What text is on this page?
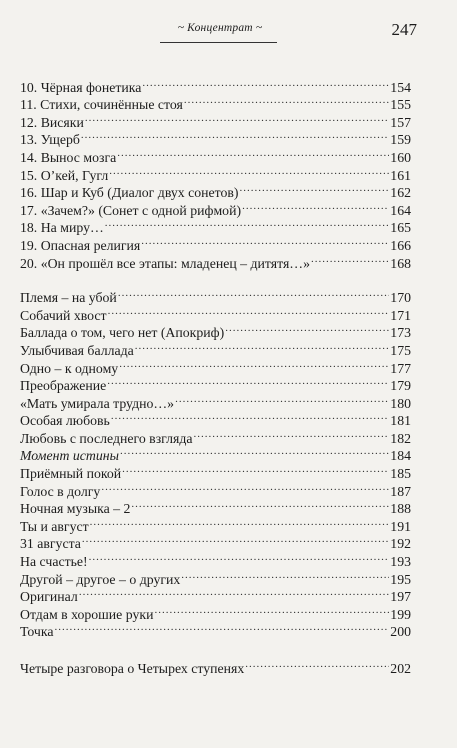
~ Концентрат ~	247
10. Чёрная фонетика .....	154
11. Стихи, сочинённые стоя .....	155
12. Висяки .....	157
13. Ущерб .....	159
14. Вынос мозга .....	160
15. О’кей, Гугл .....	161
16. Шар и Куб (Диалог двух сонетов) .....	162
17. «Зачем?» (Сонет с одной рифмой) .....	164
18. На миру… .....	165
19. Опасная религия .....	166
20. «Он прошёл все этапы: младенец – дитятя…» .....	168
Племя – на убой .....	170
Собачий хвост .....	171
Баллада о том, чего нет (Апокриф) .....	173
Улыбчивая баллада .....	175
Одно – к одному .....	177
Преображение .....	179
«Мать умирала трудно…» .....	180
Особая любовь .....	181
Любовь с последнего взгляда .....	182
Момент истины .....	184
Приёмный покой .....	185
Голос в долгу .....	187
Ночная музыка – 2 .....	188
Ты и август .....	191
31 августа .....	192
На счастье! .....	193
Другой – другое – о других .....	195
Оригинал .....	197
Отдам в хорошие руки .....	199
Точка .....	200
Четыре разговора о Четырех ступенях .....	202
